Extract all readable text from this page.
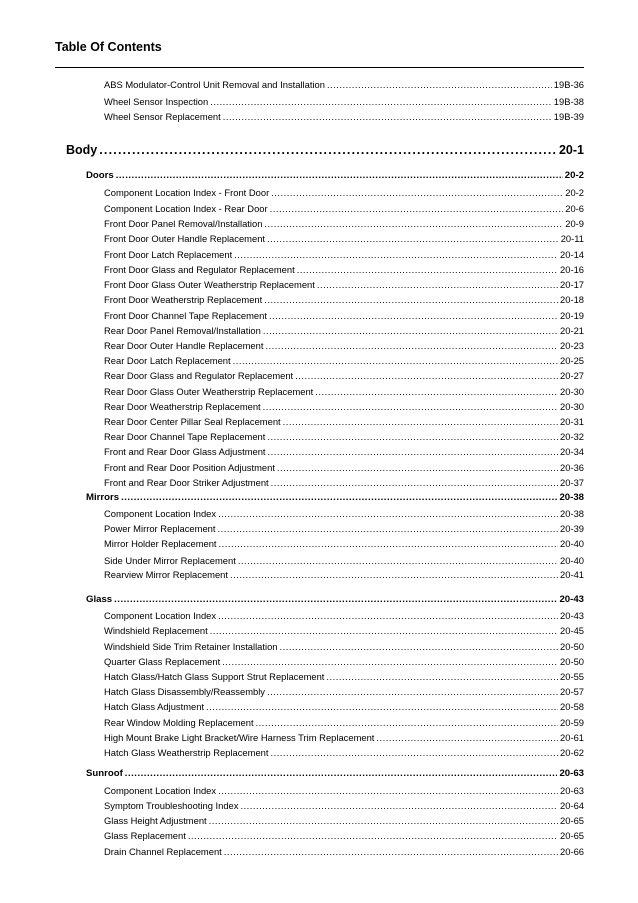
Table Of Contents
ABS Modulator-Control Unit Removal and Installation .....	19B-36
Wheel Sensor Inspection .....	19B-38
Wheel Sensor Replacement .....	19B-39
Body .....	20-1
Doors .....	20-2
Component Location Index - Front Door .....	20-2
Component Location Index - Rear Door .....	20-6
Front Door Panel Removal/Installation .....	20-9
Front Door Outer Handle Replacement .....	20-11
Front Door Latch Replacement .....	20-14
Front Door Glass and Regulator Replacement .....	20-16
Front Door Glass Outer Weatherstrip Replacement .....	20-17
Front Door Weatherstrip Replacement .....	20-18
Front Door Channel Tape Replacement .....	20-19
Rear Door Panel Removal/Installation .....	20-21
Rear Door Outer Handle Replacement .....	20-23
Rear Door Latch Replacement .....	20-25
Rear Door Glass and Regulator Replacement .....	20-27
Rear Door Glass Outer Weatherstrip Replacement .....	20-30
Rear Door Weatherstrip Replacement .....	20-30
Rear Door Center Pillar Seal Replacement .....	20-31
Rear Door Channel Tape Replacement .....	20-32
Front and Rear Door Glass Adjustment .....	20-34
Front and Rear Door Position Adjustment .....	20-36
Front and Rear Door Striker Adjustment .....	20-37
Mirrors .....	20-38
Component Location Index .....	20-38
Power Mirror Replacement .....	20-39
Mirror Holder Replacement .....	20-40
Side Under Mirror Replacement .....	20-40
Rearview Mirror Replacement .....	20-41
Glass .....	20-43
Component Location Index .....	20-43
Windshield Replacement .....	20-45
Windshield Side Trim Retainer Installation .....	20-50
Quarter Glass Replacement .....	20-50
Hatch Glass/Hatch Glass Support Strut Replacement .....	20-55
Hatch Glass Disassembly/Reassembly .....	20-57
Hatch Glass Adjustment .....	20-58
Rear Window Molding Replacement .....	20-59
High Mount Brake Light Bracket/Wire Harness Trim Replacement .....	20-61
Hatch Glass Weatherstrip Replacement .....	20-62
Sunroof .....	20-63
Component Location Index .....	20-63
Symptom Troubleshooting Index .....	20-64
Glass Height Adjustment .....	20-65
Glass Replacement .....	20-65
Drain Channel Replacement .....	20-66
